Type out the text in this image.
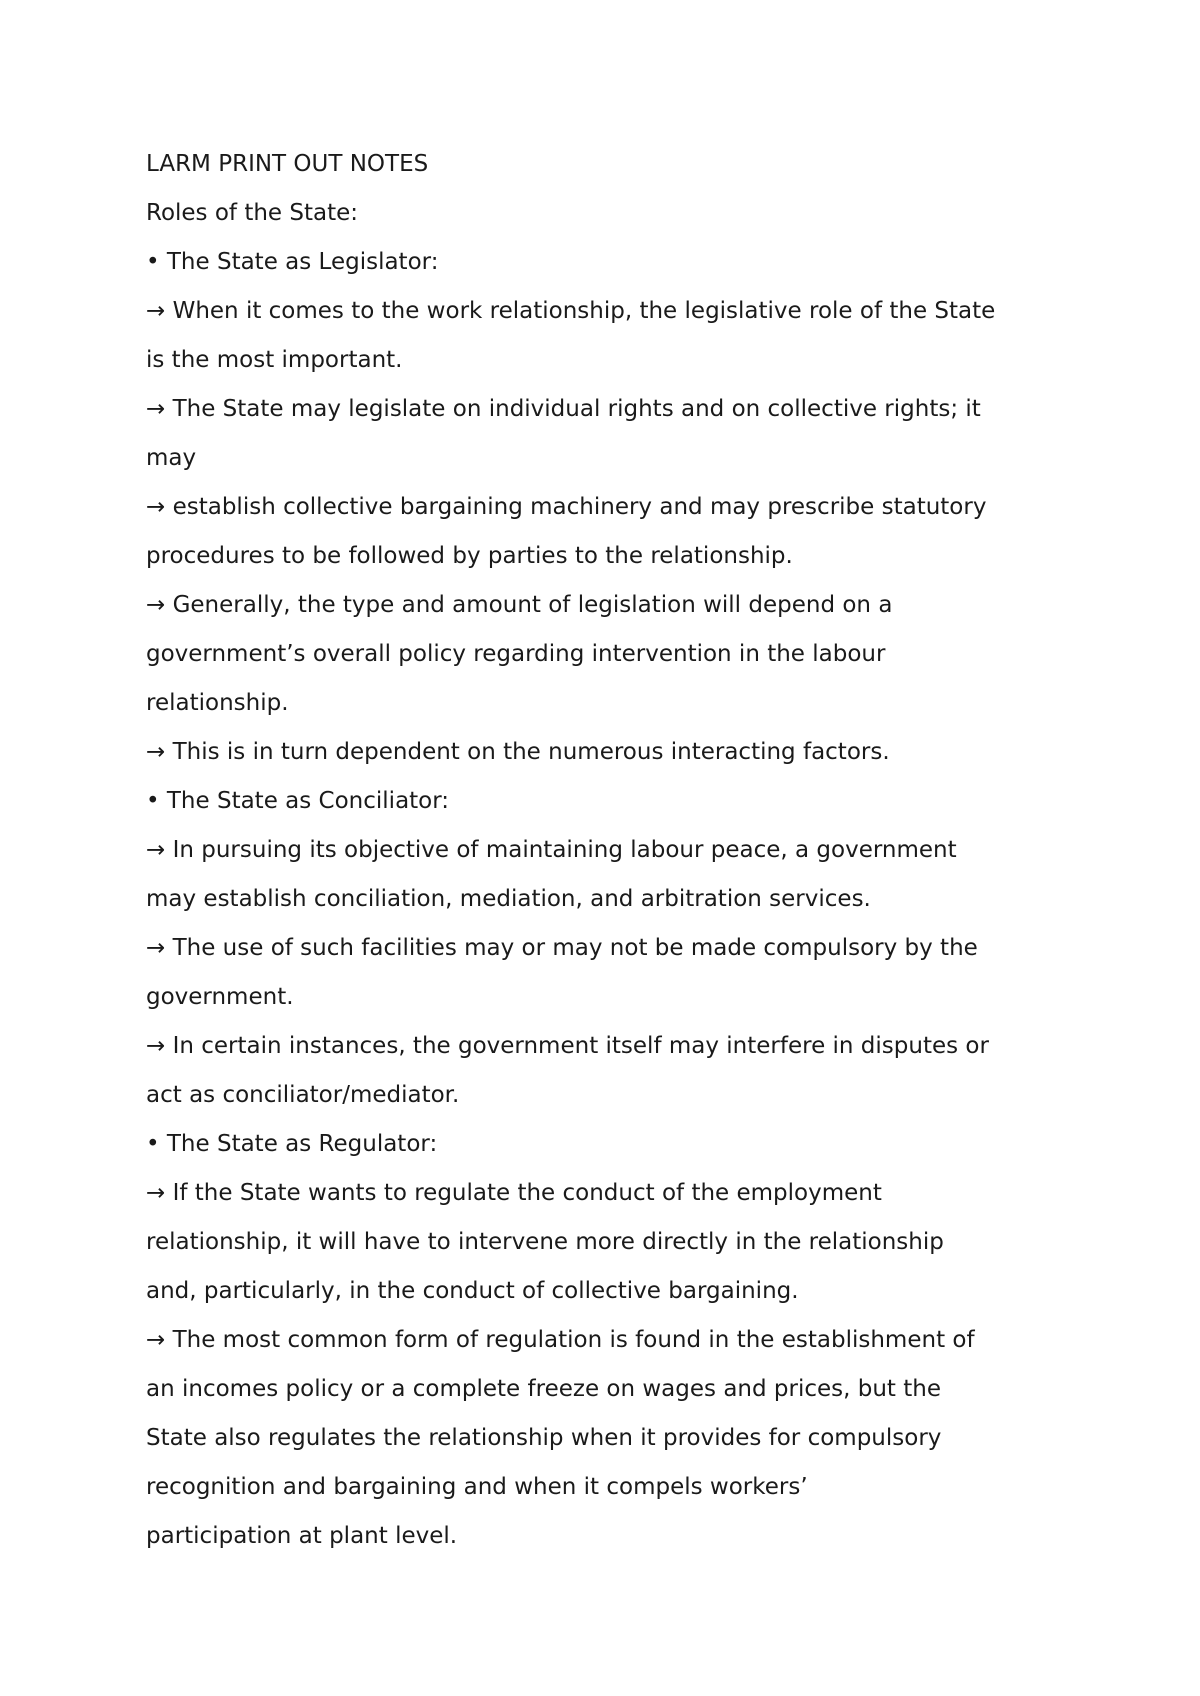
LARM PRINT OUT NOTES
Roles of the State:
• The State as Legislator:
→ When it comes to the work relationship, the legislative role of the State
is the most important.
→ The State may legislate on individual rights and on collective rights; it
may
→ establish collective bargaining machinery and may prescribe statutory
procedures to be followed by parties to the relationship.
→ Generally, the type and amount of legislation will depend on a
government’s overall policy regarding intervention in the labour
relationship.
→ This is in turn dependent on the numerous interacting factors.
• The State as Conciliator:
→ In pursuing its objective of maintaining labour peace, a government
may establish conciliation, mediation, and arbitration services.
→ The use of such facilities may or may not be made compulsory by the
government.
→ In certain instances, the government itself may interfere in disputes or
act as conciliator/mediator.
• The State as Regulator:
→ If the State wants to regulate the conduct of the employment
relationship, it will have to intervene more directly in the relationship
and, particularly, in the conduct of collective bargaining.
→ The most common form of regulation is found in the establishment of
an incomes policy or a complete freeze on wages and prices, but the
State also regulates the relationship when it provides for compulsory
recognition and bargaining and when it compels workers’
participation at plant level.
